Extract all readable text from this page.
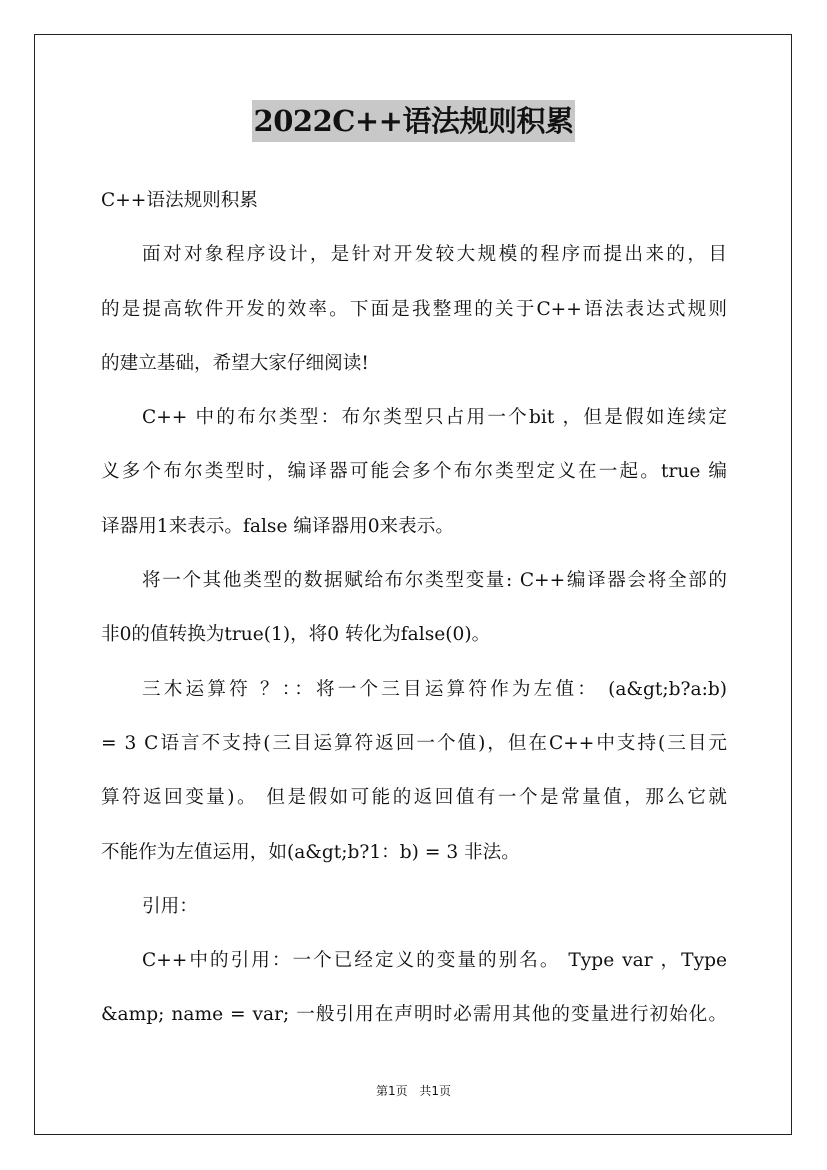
2022C++语法规则积累
C++语法规则积累
面对对象程序设计，是针对开发较大规模的程序而提出来的，目
的是提高软件开发的效率。下面是我整理的关于C++语法表达式规则
的建立基础，希望大家仔细阅读!
C++ 中的布尔类型：布尔类型只占用一个bit ，但是假如连续定
义多个布尔类型时，编译器可能会多个布尔类型定义在一起。true 编
译器用1来表示。false 编译器用0来表示。
将一个其他类型的数据赋给布尔类型变量: C++编译器会将全部的
非0的值转换为true(1)，将0 转化为false(0)。
三木运算符 ？：：将一个三目运算符作为左值： (a&gt;b?a:b)
= 3 C语言不支持(三目运算符返回一个值)，但在C++中支持(三目元
算符返回变量)。 但是假如可能的返回值有一个是常量值，那么它就
不能作为左值运用，如(a&gt;b?1：b) = 3 非法。
引用：
C++中的引用：一个已经定义的变量的别名。 Type var ，Type
&amp; name = var; 一般引用在声明时必需用其他的变量进行初始化。
第1页 共1页
